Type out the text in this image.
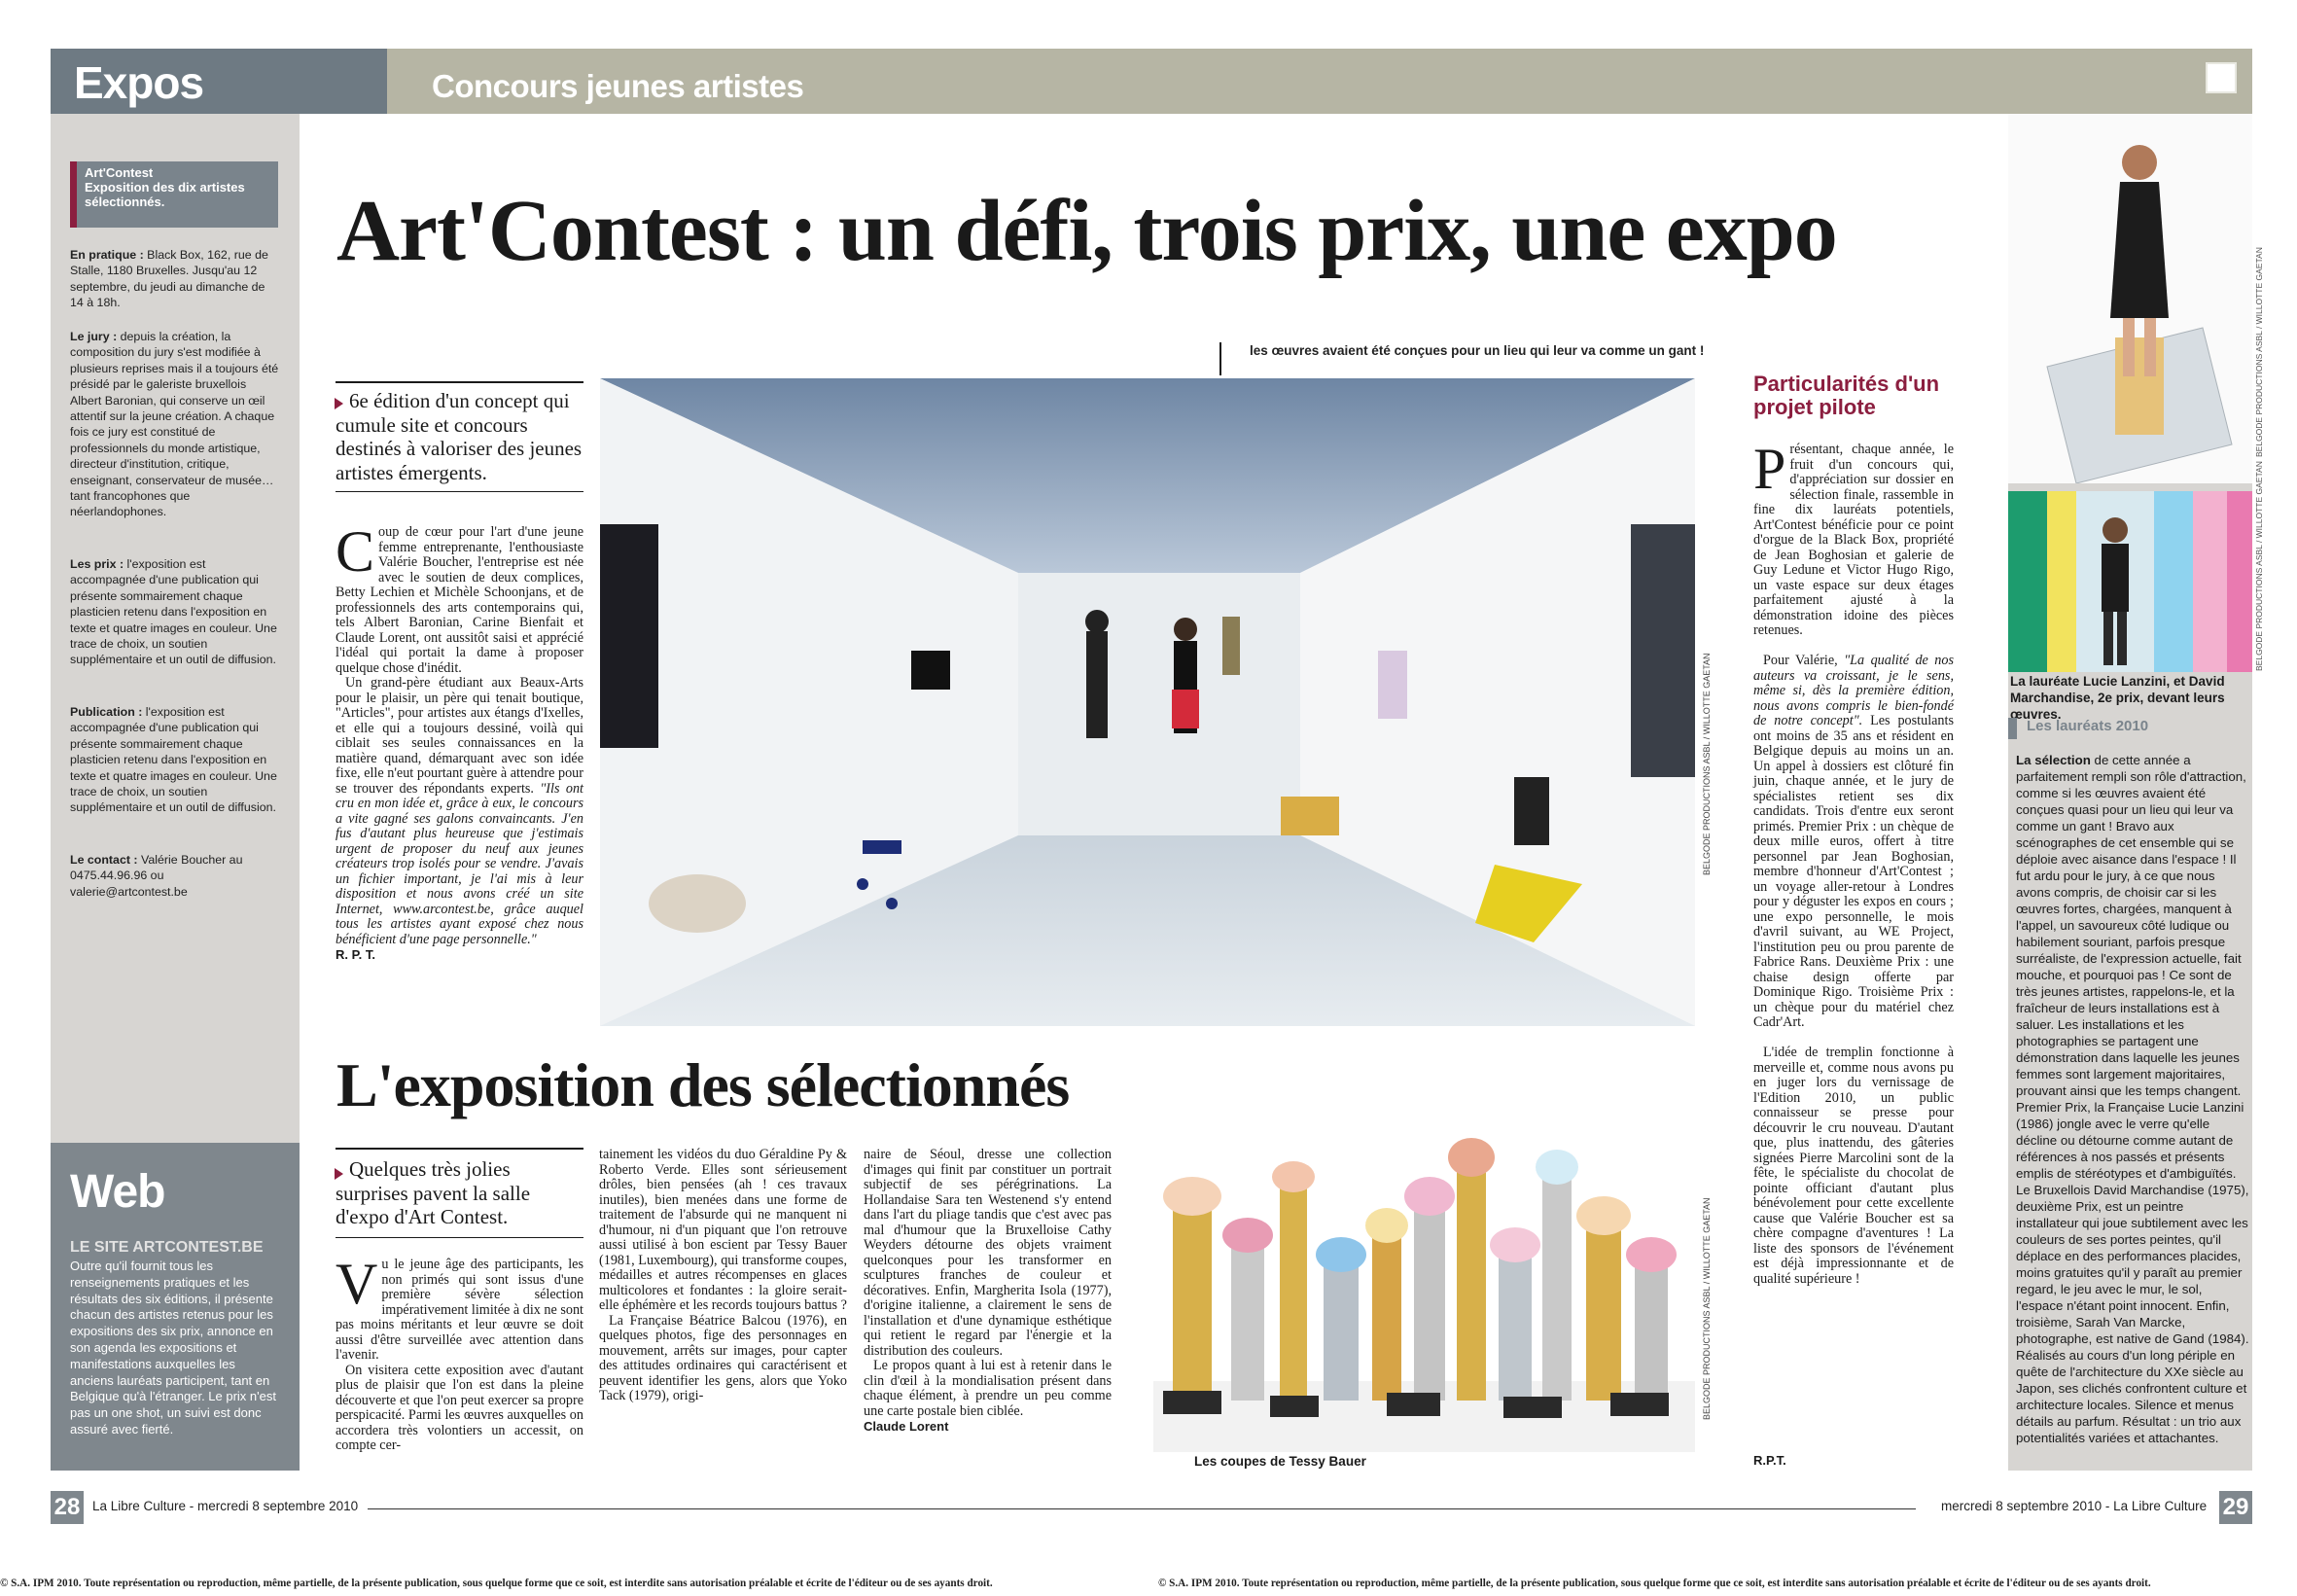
Expos	Concours jeunes artistes
Art'Contest
Exposition des dix artistes
sélectionnés.
En pratique : Black Box, 162, rue de Stalle, 1180 Bruxelles. Jusqu'au 12 septembre, du jeudi au dimanche de 14 à 18h.
Le jury : depuis la création, la composition du jury s'est modifiée à plusieurs reprises mais il a toujours été présidé par le galeriste bruxellois Albert Baronian, qui conserve un œil attentif sur la jeune création. A chaque fois ce jury est constitué de professionnels du monde artistique, directeur d'institution, critique, enseignant, conservateur de musée… tant francophones que néerlandophones.
Les prix : l'exposition est accompagnée d'une publication qui présente sommairement chaque plasticien retenu dans l'exposition en texte et quatre images en couleur. Une trace de choix, un soutien supplémentaire et un outil de diffusion.
Publication : l'exposition est accompagnée d'une publication qui présente sommairement chaque plasticien retenu dans l'exposition en texte et quatre images en couleur. Une trace de choix, un soutien supplémentaire et un outil de diffusion.
Le contact : Valérie Boucher au 0475.44.96.96 ou valerie@artcontest.be
Web
LE SITE ARTCONTEST.BE
Outre qu'il fournit tous les renseignements pratiques et les résultats des six éditions, il présente chacun des artistes retenus pour les expositions des six prix, annonce en son agenda les expositions et manifestations auxquelles les anciens lauréats participent, tant en Belgique qu'à l'étranger. Le prix n'est pas un one shot, un suivi est donc assuré avec fierté.
Art'Contest : un défi, trois prix, une expo
6e édition d'un concept qui cumule site et concours destinés à valoriser des jeunes artistes émergents.
Coup de cœur pour l'art d'une jeune femme entreprenante, l'enthousiaste Valérie Boucher, l'entreprise est née avec le soutien de deux complices, Betty Lechien et Michèle Schoonjans, et de professionnels des arts contemporains qui, tels Albert Baronian, Carine Bienfait et Claude Lorent, ont aussitôt saisi et apprécié l'idéal qui portait la dame à proposer quelque chose d'inédit.
Un grand-père étudiant aux Beaux-Arts pour le plaisir, un père qui tenait boutique, "Articles", pour artistes aux étangs d'Ixelles, et elle qui a toujours dessiné, voilà qui ciblait ses seules connaissances en la matière quand, démarquant avec son idée fixe, elle n'eut pourtant guère à attendre pour se trouver des répondants experts. "Ils ont cru en mon idée et, grâce à eux, le concours a vite gagné ses galons convaincants. J'en fus d'autant plus heureuse que j'estimais urgent de proposer du neuf aux jeunes créateurs trop isolés pour se vendre. J'avais un fichier important, je l'ai mis à leur disposition et nous avons créé un site Internet, www.arcontest.be, grâce auquel tous les artistes ayant exposé chez nous bénéficient d'une page personnelle."
R. P. T.
les œuvres avaient été conçues pour un lieu qui leur va comme un gant !
BELGODE PRODUCTIONS ASBL / WILLOTTE GAETAN
L'exposition des sélectionnés
Quelques très jolies surprises pavent la salle d'expo d'Art Contest.
Vu le jeune âge des participants, les non primés qui sont issus d'une première sévère sélection impérativement limitée à dix ne sont pas moins méritants et leur œuvre se doit aussi d'être surveillée avec attention dans l'avenir.
On visitera cette exposition avec d'autant plus de plaisir que l'on est dans la pleine découverte et que l'on peut exercer sa propre perspicacité. Parmi les œuvres auxquelles on accordera très volontiers un accessit, on compte cer-
tainement les vidéos du duo Géraldine Py & Roberto Verde. Elles sont sérieusement drôles, bien pensées (ah ! ces travaux inutiles), bien menées dans une forme de traitement de l'absurde qui ne manquent ni d'humour, ni d'un piquant que l'on retrouve aussi utilisé à bon escient par Tessy Bauer (1981, Luxembourg), qui transforme coupes, médailles et autres récompenses en glaces multicolores et fondantes : la gloire serait-elle éphémère et les records toujours battus ?
La Française Béatrice Balcou (1976), en quelques photos, fige des personnages en mouvement, arrêts sur images, pour capter des attitudes ordinaires qui caractérisent et peuvent identifier les gens, alors que Yoko Tack (1979), origi-
naire de Séoul, dresse une collection d'images qui finit par constituer un portrait subjectif de ses pérégrinations. La Hollandaise Sara ten Westenend s'y entend dans l'art du pliage tandis que c'est avec pas mal d'humour que la Bruxelloise Cathy Weyders détourne des objets vraiment quelconques pour les transformer en sculptures franches de couleur et décoratives. Enfin, Margherita Isola (1977), d'origine italienne, a clairement le sens de l'installation et d'une dynamique esthétique qui retient le regard par l'énergie et la distribution des couleurs.
Le propos quant à lui est à retenir dans le clin d'œil à la mondialisation présent dans chaque élément, à prendre un peu comme une carte postale bien ciblée.
Claude Lorent
Les coupes de Tessy Bauer
BELGODE PRODUCTIONS ASBL / WILLOTTE GAETAN
Particularités d'un projet pilote
Présentant, chaque année, le fruit d'un concours qui, d'appréciation sur dossier en sélection finale, rassemble in fine dix lauréats potentiels, Art'Contest bénéficie pour ce point d'orgue de la Black Box, propriété de Jean Boghosian et galerie de Guy Ledune et Victor Hugo Rigo, un vaste espace sur deux étages parfaitement ajusté à la démonstration idoine des pièces retenues.

Pour Valérie, "La qualité de nos auteurs va croissant, je le sens, même si, dès la première édition, nous avons compris le bien-fondé de notre concept". Les postulants ont moins de 35 ans et résident en Belgique depuis au moins un an. Un appel à dossiers est clôturé fin juin, chaque année, et le jury de spécialistes retient ses dix candidats. Trois d'entre eux seront primés. Premier Prix : un chèque de deux mille euros, offert à titre personnel par Jean Boghosian, membre d'honneur d'Art'Contest ; un voyage aller-retour à Londres pour y déguster les expos en cours ; une expo personnelle, le mois d'avril suivant, au WE Project, l'institution peu ou prou parente de Fabrice Rans. Deuxième Prix : une chaise design offerte par Dominique Rigo. Troisième Prix : un chèque pour du matériel chez Cadr'Art.

L'idée de tremplin fonctionne à merveille et, comme nous avons pu en juger lors du vernissage de l'Edition 2010, un public connaisseur se presse pour découvrir le cru nouveau. D'autant que, plus inattendu, des gâteries signées Pierre Marcolini sont de la fête, le spécialiste du chocolat de pointe officiant d'autant plus bénévolement pour cette excellente cause que Valérie Boucher est sa chère compagne d'aventures ! La liste des sponsors de l'événement est déjà impressionnante et de qualité supérieure !
R.P.T.
BELGODE PRODUCTIONS ASBL / WILLOTTE GAETAN
BELGODE PRODUCTIONS ASBL / WILLOTTE GAETAN
La lauréate Lucie Lanzini, et David Marchandise, 2e prix, devant leurs œuvres.
Les lauréats 2010
La sélection de cette année a parfaitement rempli son rôle d'attraction, comme si les œuvres avaient été conçues quasi pour un lieu qui leur va comme un gant ! Bravo aux scénographes de cet ensemble qui se déploie avec aisance dans l'espace ! Il fut ardu pour le jury, à ce que nous avons compris, de choisir car si les œuvres fortes, chargées, manquent à l'appel, un savoureux côté ludique ou habilement souriant, parfois presque surréaliste, de l'expression actuelle, fait mouche, et pourquoi pas ! Ce sont de très jeunes artistes, rappelons-le, et la fraîcheur de leurs installations est à saluer. Les installations et les photographies se partagent une démonstration dans laquelle les jeunes femmes sont largement majoritaires, prouvant ainsi que les temps changent. Premier Prix, la Française Lucie Lanzini (1986) jongle avec le verre qu'elle décline ou détourne comme autant de références à nos passés et présents emplis de stéréotypes et d'ambiguïtés. Le Bruxellois David Marchandise (1975), deuxième Prix, est un peintre installateur qui joue subtilement avec les couleurs de ses portes peintes, qu'il déplace en des performances placides, moins gratuites qu'il y paraît au premier regard, le jeu avec le mur, le sol, l'espace n'étant point innocent. Enfin, troisième, Sarah Van Marcke, photographe, est native de Gand (1984). Réalisés au cours d'un long périple en quête de l'architecture du XXe siècle au Japon, ses clichés confrontent culture et architecture locales. Silence et menus détails au parfum. Résultat : un trio aux potentialités variées et attachantes.
28 La Libre Culture - mercredi 8 septembre 2010	mercredi 8 septembre 2010 - La Libre Culture 29
© S.A. IPM 2010. Toute représentation ou reproduction, même partielle, de la présente publication, sous quelque forme que ce soit, est interdite sans autorisation préalable et écrite de l'éditeur ou de ses ayants droit.	© S.A. IPM 2010. Toute représentation ou reproduction, même partielle, de la présente publication, sous quelque forme que ce soit, est interdite sans autorisation préalable et écrite de l'éditeur ou de ses ayants droit.
